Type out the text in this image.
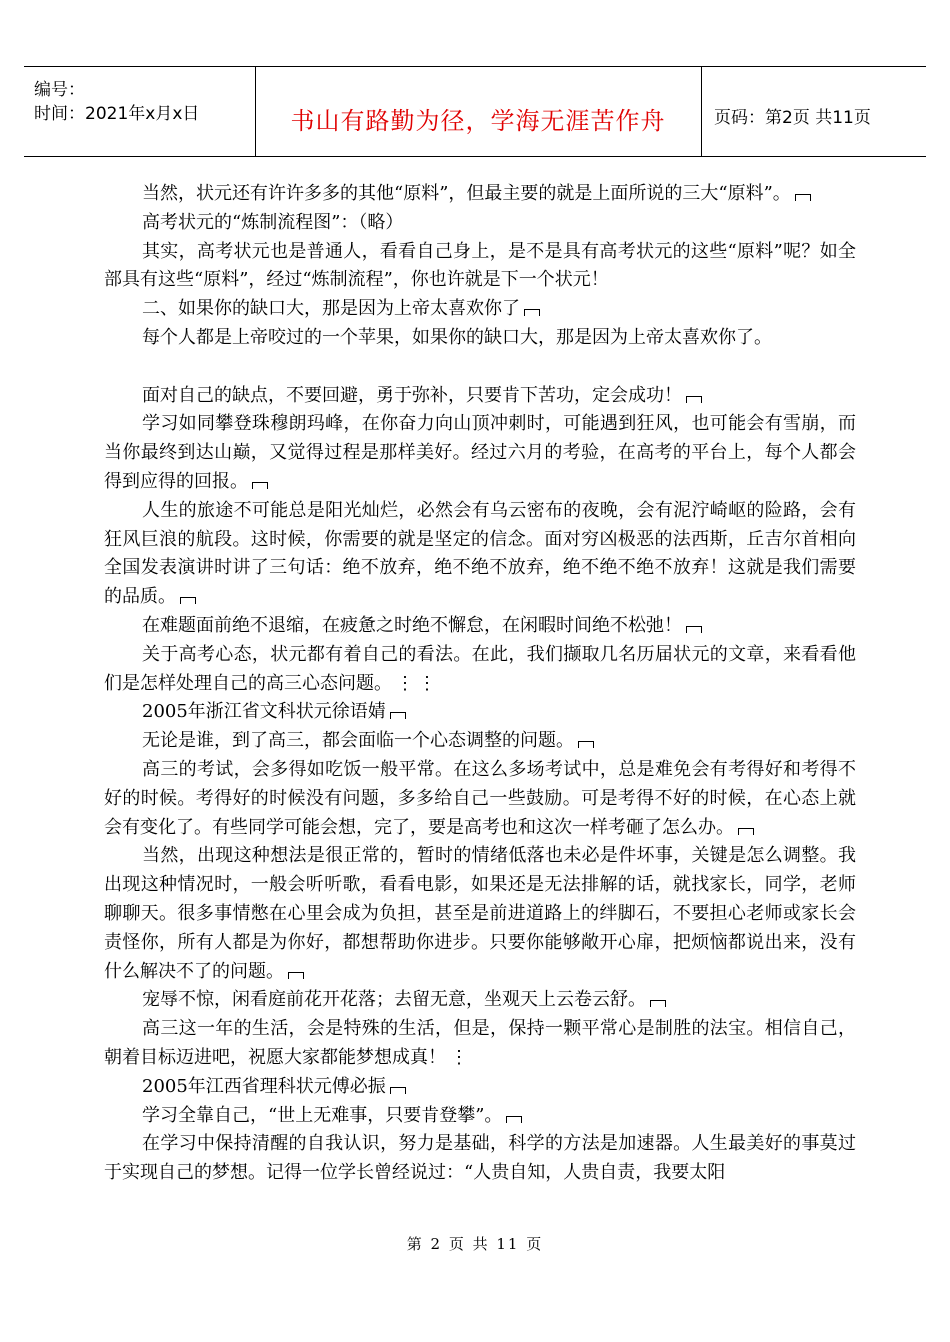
编号：
时间：2021年x月x日	书山有路勤为径，学海无涯苦作舟	页码：第2页 共11页
当然，状元还有许许多多的其他“原料”，但最主要的就是上面所说的三大“原料”。
高考状元的“炼制流程图”：（略）
其实，高考状元也是普通人，看看自己身上，是不是具有高考状元的这些“原料”呢？如全部具有这些“原料”，经过“炼制流程”，你也许就是下一个状元！
二、如果你的缺口大，那是因为上帝太喜欢你了
每个人都是上帝咬过的一个苹果，如果你的缺口大，那是因为上帝太喜欢你了。
面对自己的缺点，不要回避，勇于弥补，只要肯下苦功，定会成功！
学习如同攀登珠穆朗玛峰，在你奋力向山顶冲刺时，可能遇到狂风，也可能会有雪崩，而当你最终到达山巅，又觉得过程是那样美好。经过六月的考验，在高考的平台上，每个人都会得到应得的回报。
人生的旅途不可能总是阳光灿烂，必然会有乌云密布的夜晚，会有泥泞崎岖的险路，会有狂风巨浪的航段。这时候，你需要的就是坚定的信念。面对穷凶极恶的法西斯，丘吉尔首相向全国发表演讲时讲了三句话：绝不放弃，绝不绝不放弃，绝不绝不绝不放弃！这就是我们需要的品质。
在难题面前绝不退缩，在疲惫之时绝不懈怠，在闲暇时间绝不松弛！
关于高考心态，状元都有着自己的看法。在此，我们撷取几名历届状元的文章，来看看他们是怎样处理自己的高三心态问题。 ⋮⋮
2005年浙江省文科状元徐语婧
无论是谁，到了高三，都会面临一个心态调整的问题。
高三的考试，会多得如吃饭一般平常。在这么多场考试中，总是难免会有考得好和考得不好的时候。考得好的时候没有问题，多多给自己一些鼓励。可是考得不好的时候，在心态上就会有变化了。有些同学可能会想，完了，要是高考也和这次一样考砸了怎么办。
当然，出现这种想法是很正常的，暂时的情绪低落也未必是件坏事，关键是怎么调整。我出现这种情况时，一般会听听歌，看看电影，如果还是无法排解的话，就找家长，同学，老师聊聊天。很多事情憋在心里会成为负担，甚至是前进道路上的绊脚石，不要担心老师或家长会责怪你，所有人都是为你好，都想帮助你进步。只要你能够敞开心扉，把烦恼都说出来，没有什么解决不了的问题。
宠辱不惊，闲看庭前花开花落；去留无意，坐观天上云卷云舒。
高三这一年的生活，会是特殊的生活，但是，保持一颗平常心是制胜的法宝。相信自己，朝着目标迈进吧，祝愿大家都能梦想成真！ ⋮
2005年江西省理科状元傅必振
学习全靠自己，“世上无难事，只要肯登攀”。
在学习中保持清醒的自我认识，努力是基础，科学的方法是加速器。人生最美好的事莫过于实现自己的梦想。记得一位学长曾经说过：“人贵自知，人贵自责，我要太阳
第 2 页 共 11 页
